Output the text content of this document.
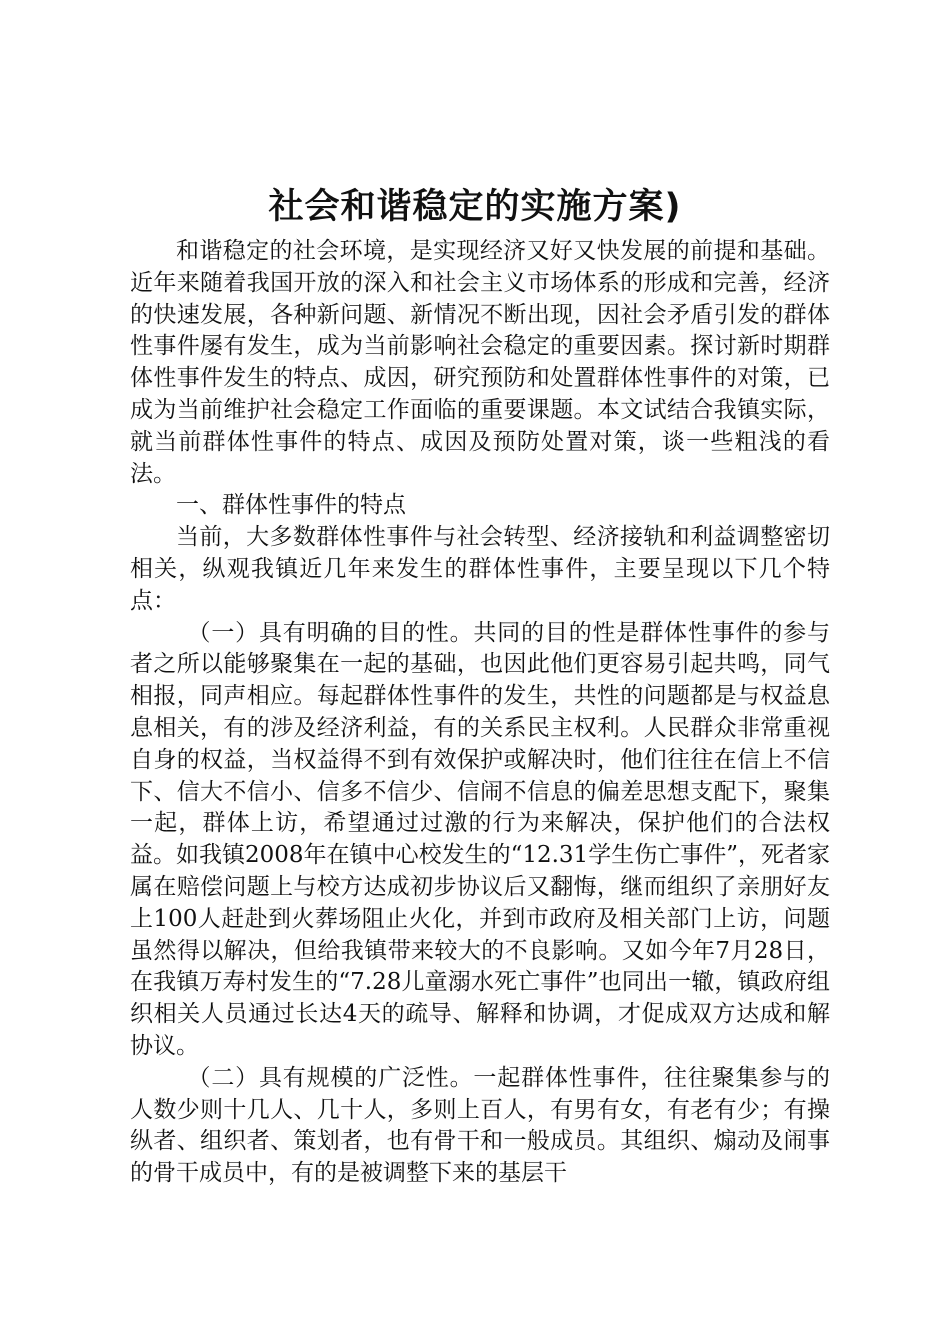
社会和谐稳定的实施方案)

和谐稳定的社会环境，是实现经济又好又快发展的前提和基础。近年来随着我国开放的深入和社会主义市场体系的形成和完善，经济的快速发展，各种新问题、新情况不断出现，因社会矛盾引发的群体性事件屡有发生，成为当前影响社会稳定的重要因素。探讨新时期群体性事件发生的特点、成因，研究预防和处置群体性事件的对策，已成为当前维护社会稳定工作面临的重要课题。本文试结合我镇实际，就当前群体性事件的特点、成因及预防处置对策，谈一些粗浅的看法。

一、群体性事件的特点

当前，大多数群体性事件与社会转型、经济接轨和利益调整密切相关，纵观我镇近几年来发生的群体性事件，主要呈现以下几个特点：

（一）具有明确的目的性。共同的目的性是群体性事件的参与者之所以能够聚集在一起的基础，也因此他们更容易引起共鸣，同气相报，同声相应。每起群体性事件的发生，共性的问题都是与权益息息相关，有的涉及经济利益，有的关系民主权利。人民群众非常重视自身的权益，当权益得不到有效保护或解决时，他们往往在信上不信下、信大不信小、信多不信少、信闹不信息的偏差思想支配下，聚集一起，群体上访，希望通过过激的行为来解决，保护他们的合法权益。如我镇2008年在镇中心校发生的“12.31学生伤亡事件”，死者家属在赔偿问题上与校方达成初步协议后又翻悔，继而组织了亲朋好友上100人赶赴到火葬场阻止火化，并到市政府及相关部门上访，问题虽然得以解决，但给我镇带来较大的不良影响。又如今年7月28日，在我镇万寿村发生的“7.28儿童溺水死亡事件”也同出一辙，镇政府组织相关人员通过长达4天的疏导、解释和协调，才促成双方达成和解协议。

（二）具有规模的广泛性。一起群体性事件，往往聚集参与的人数少则十几人、几十人，多则上百人，有男有女，有老有少；有操纵者、组织者、策划者，也有骨干和一般成员。其组织、煽动及闹事的骨干成员中，有的是被调整下来的基层干
